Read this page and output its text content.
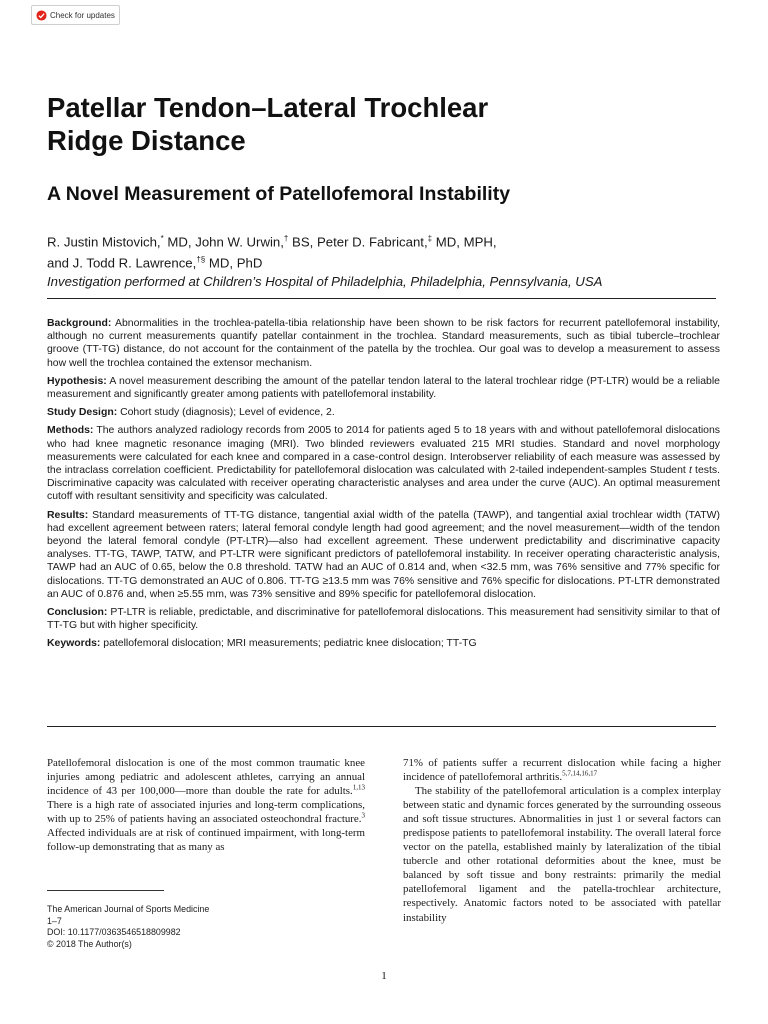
Check for updates
Patellar Tendon–Lateral Trochlear
Ridge Distance
A Novel Measurement of Patellofemoral Instability
R. Justin Mistovich,* MD, John W. Urwin,† BS, Peter D. Fabricant,‡ MD, MPH,
and J. Todd R. Lawrence,†§ MD, PhD
Investigation performed at Children’s Hospital of Philadelphia, Philadelphia, Pennsylvania, USA

Background: Abnormalities in the trochlea-patella-tibia relationship have been shown to be risk factors for recurrent patellofemoral instability, although no current measurements quantify patellar containment in the trochlea. Standard measurements, such as tibial tubercle–trochlear groove (TT-TG) distance, do not account for the containment of the patella by the trochlea. Our goal was to develop a measurement to assess how well the trochlea contained the extensor mechanism.

Hypothesis: A novel measurement describing the amount of the patellar tendon lateral to the lateral trochlear ridge (PT-LTR) would be a reliable measurement and significantly greater among patients with patellofemoral instability.

Study Design: Cohort study (diagnosis); Level of evidence, 2.

Methods: The authors analyzed radiology records from 2005 to 2014 for patients aged 5 to 18 years with and without patellofemoral dislocations who had knee magnetic resonance imaging (MRI). Two blinded reviewers evaluated 215 MRI studies. Standard and novel morphology measurements were calculated for each knee and compared in a case-control design. Interobserver reliability of each measure was assessed by the intraclass correlation coefficient. Predictability for patellofemoral dislocation was calculated with 2-tailed independent-samples Student t tests. Discriminative capacity was calculated with receiver operating characteristic analyses and area under the curve (AUC). An optimal measurement cutoff with resultant sensitivity and specificity was calculated.

Results: Standard measurements of TT-TG distance, tangential axial width of the patella (TAWP), and tangential axial trochlear width (TATW) had excellent agreement between raters; lateral femoral condyle length had good agreement; and the novel measurement—width of the tendon beyond the lateral femoral condyle (PT-LTR)—also had excellent agreement. These underwent predictability and discriminative capacity analyses. TT-TG, TAWP, TATW, and PT-LTR were significant predictors of patellofemoral instability. In receiver operating characteristic analysis, TAWP had an AUC of 0.65, below the 0.8 threshold. TATW had an AUC of 0.814 and, when <32.5 mm, was 76% sensitive and 77% specific for dislocations. TT-TG demonstrated an AUC of 0.806. TT-TG ≥13.5 mm was 76% sensitive and 76% specific for dislocations. PT-LTR demonstrated an AUC of 0.876 and, when ≥5.55 mm, was 73% sensitive and 89% specific for patellofemoral dislocation.

Conclusion: PT-LTR is reliable, predictable, and discriminative for patellofemoral dislocations. This measurement had sensitivity similar to that of TT-TG but with higher specificity.

Keywords: patellofemoral dislocation; MRI measurements; pediatric knee dislocation; TT-TG

Patellofemoral dislocation is one of the most common traumatic knee injuries among pediatric and adolescent athletes, carrying an annual incidence of 43 per 100,000—more than double the rate for adults.$^{1,13}$ There is a high rate of associated injuries and long-term complications, with up to 25% of patients having an associated osteochondral fracture.$^3$ Affected individuals are at risk of continued impairment, with long-term follow-up demonstrating that as many as

71% of patients suffer a recurrent dislocation while facing a higher incidence of patellofemoral arthritis.$^{5,7,14,16,17}$

The stability of the patellofemoral articulation is a complex interplay between static and dynamic forces generated by the surrounding osseous and soft tissue structures. Abnormalities in just 1 or several factors can predispose patients to patellofemoral instability. The overall lateral force vector on the patella, established mainly by lateralization of the tibial tubercle and other rotational deformities about the knee, must be balanced by soft tissue and bony restraints: primarily the medial patellofemoral ligament and the patella-trochlear architecture, respectively. Anatomic factors noted to be associated with patellar instability

The American Journal of Sports Medicine
1–7
DOI: 10.1177/0363546518809982
© 2018 The Author(s)
1
